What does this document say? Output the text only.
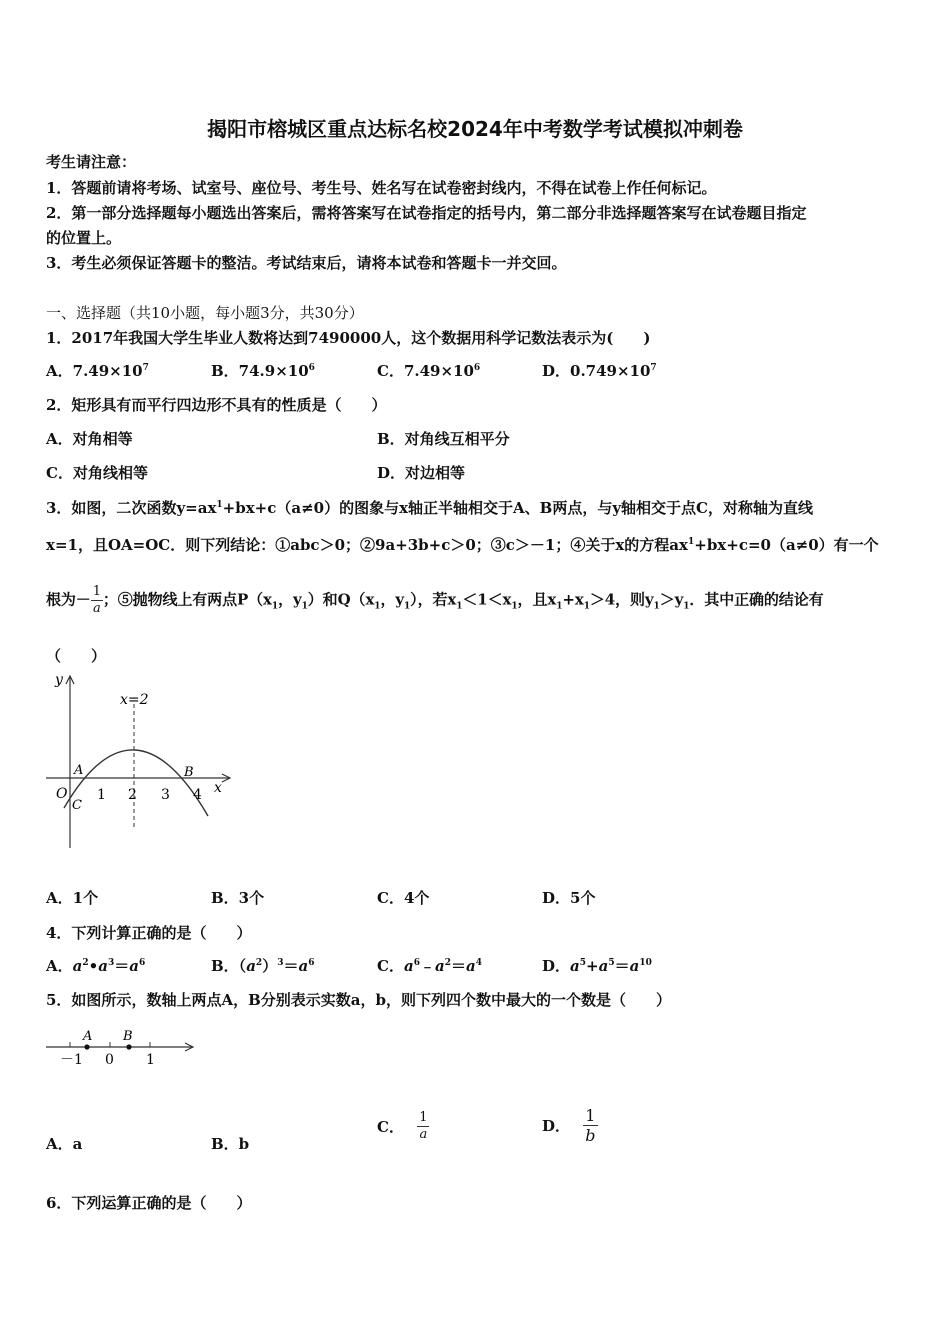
揭阳市榕城区重点达标名校2024年中考数学考试模拟冲刺卷
考生请注意：
1．答题前请将考场、试室号、座位号、考生号、姓名写在试卷密封线内，不得在试卷上作任何标记。
2．第一部分选择题每小题选出答案后，需将答案写在试卷指定的括号内，第二部分非选择题答案写在试卷题目指定
的位置上。
3．考生必须保证答题卡的整洁。考试结束后，请将本试卷和答题卡一并交回。
一、选择题（共10小题，每小题3分，共30分）
1．2017年我国大学生毕业人数将达到7490000人，这个数据用科学记数法表示为(　　)
A．$7.49\times 10^7$	B．$74.9\times 10^6$	C．$7.49\times 10^6$	D．$0.749\times 10^7$
2．矩形具有而平行四边形不具有的性质是（　　）
A．对角相等	B．对角线互相平分
C．对角线相等	D．对边相等
3．如图，二次函数$y=ax^1+bx+c(a\ne 0)$的图象与x轴正半轴相交于A、B两点，与y轴相交于点C，对称轴为直线
x=1，且OA=OC．则下列结论：①abc＞0；②9a+3b+c＞0；③c＞－1；④关于x的方程$ax^1+bx+c=0(a\ne 0)$有一个
根为－ $\frac{1}{a}$ ；⑤抛物线上有两点$P(x_1$，$y_1$）和$Q(x_1$，$y_1$），若$x_1<1<x_1$，且$x_1+x_1>4$，则$y_1>y_1$．其中正确的结论有
（　　）
y
x
x=2
O
A	B
C
1 2 3 4
A．1个	B．3个	C．4个	D．5个
4．下列计算正确的是（　　）
A．$a^2•a^3=a^6$	B．$(a^2)^3=a^6$	C．$a^6﹣a^2=a^4$	D．$a^5+a^5=a^{10}$
5．如图所示，数轴上两点A，B分别表示实数a，b，则下列四个数中最大的一个数是（　　）
A B
－1 0 1
A．a	B．b
C． $\frac{1}{a}$	D． $\frac{1}{b}$
6．下列运算正确的是（　　）
